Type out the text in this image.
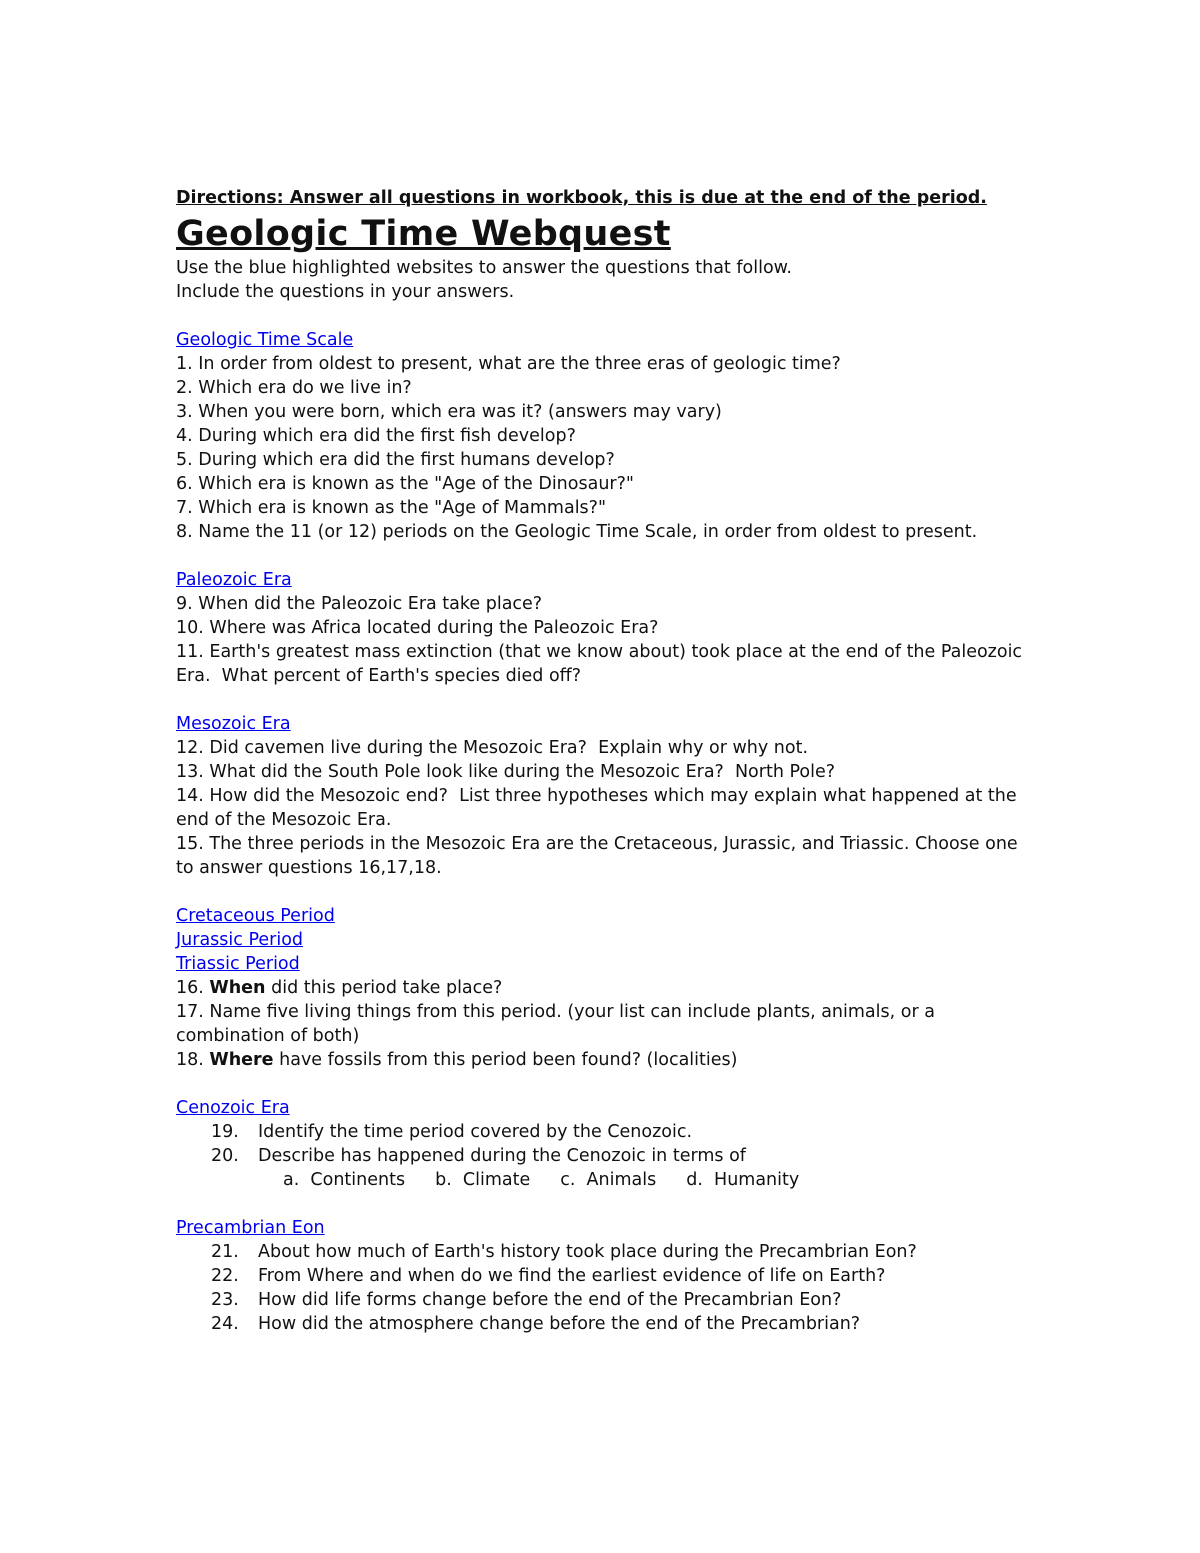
Directions: Answer all questions in workbook, this is due at the end of the period.
Geologic Time Webquest
Use the blue highlighted websites to answer the questions that follow.
Include the questions in your answers.
Geologic Time Scale
1. In order from oldest to present, what are the three eras of geologic time?
2. Which era do we live in?
3. When you were born, which era was it? (answers may vary)
4. During which era did the first fish develop?
5. During which era did the first humans develop?
6. Which era is known as the "Age of the Dinosaur?"
7. Which era is known as the "Age of Mammals?"
8. Name the 11 (or 12) periods on the Geologic Time Scale, in order from oldest to present.
Paleozoic Era
9. When did the Paleozoic Era take place?
10. Where was Africa located during the Paleozoic Era?
11. Earth's greatest mass extinction (that we know about) took place at the end of the Paleozoic Era.  What percent of Earth's species died off?
Mesozoic Era
12. Did cavemen live during the Mesozoic Era?  Explain why or why not.
13. What did the South Pole look like during the Mesozoic Era?  North Pole?
14. How did the Mesozoic end?  List three hypotheses which may explain what happened at the end of the Mesozoic Era.
15. The three periods in the Mesozoic Era are the Cretaceous, Jurassic, and Triassic. Choose one to answer questions 16,17,18.
Cretaceous Period
Jurassic Period
Triassic Period
16. When did this period take place?
17. Name five living things from this period. (your list can include plants, animals, or a combination of both)
18. Where have fossils from this period been found? (localities)
Cenozoic Era
19.	Identify the time period covered by the Cenozoic.
20.	Describe has happened during the Cenozoic in terms of
a.  Continents b.  Climate c.  Animals d.  Humanity
Precambrian Eon
21.	About how much of Earth's history took place during the Precambrian Eon?
22.	From Where and when do we find the earliest evidence of life on Earth?
23.	How did life forms change before the end of the Precambrian Eon?
24.	How did the atmosphere change before the end of the Precambrian?
